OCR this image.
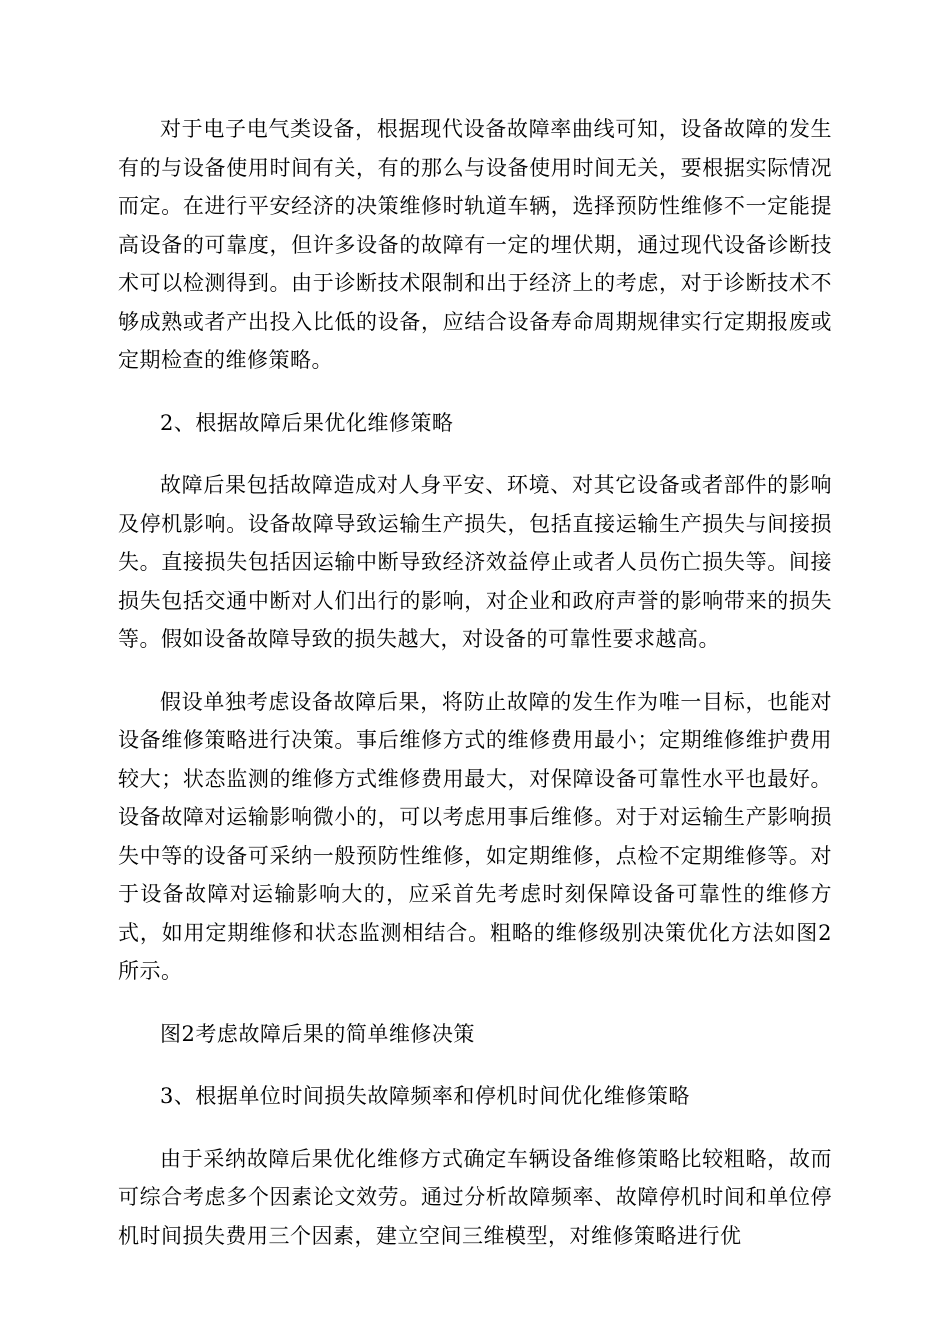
对于电子电气类设备，根据现代设备故障率曲线可知，设备故障的发生有的与设备使用时间有关，有的那么与设备使用时间无关，要根据实际情况而定。在进行平安经济的决策维修时轨道车辆，选择预防性维修不一定能提高设备的可靠度，但许多设备的故障有一定的埋伏期，通过现代设备诊断技术可以检测得到。由于诊断技术限制和出于经济上的考虑，对于诊断技术不够成熟或者产出投入比低的设备，应结合设备寿命周期规律实行定期报废或定期检查的维修策略。

2、根据故障后果优化维修策略

故障后果包括故障造成对人身平安、环境、对其它设备或者部件的影响及停机影响。设备故障导致运输生产损失，包括直接运输生产损失与间接损失。直接损失包括因运输中断导致经济效益停止或者人员伤亡损失等。间接损失包括交通中断对人们出行的影响，对企业和政府声誉的影响带来的损失等。假如设备故障导致的损失越大，对设备的可靠性要求越高。

假设单独考虑设备故障后果，将防止故障的发生作为唯一目标，也能对设备维修策略进行决策。事后维修方式的维修费用最小；定期维修维护费用较大；状态监测的维修方式维修费用最大，对保障设备可靠性水平也最好。设备故障对运输影响微小的，可以考虑用事后维修。对于对运输生产影响损失中等的设备可采纳一般预防性维修，如定期维修，点检不定期维修等。对于设备故障对运输影响大的，应采首先考虑时刻保障设备可靠性的维修方式，如用定期维修和状态监测相结合。粗略的维修级别决策优化方法如图2所示。

图2考虑故障后果的简单维修决策

3、根据单位时间损失故障频率和停机时间优化维修策略

由于采纳故障后果优化维修方式确定车辆设备维修策略比较粗略，故而可综合考虑多个因素论文效劳。通过分析故障频率、故障停机时间和单位停机时间损失费用三个因素，建立空间三维模型，对维修策略进行优
